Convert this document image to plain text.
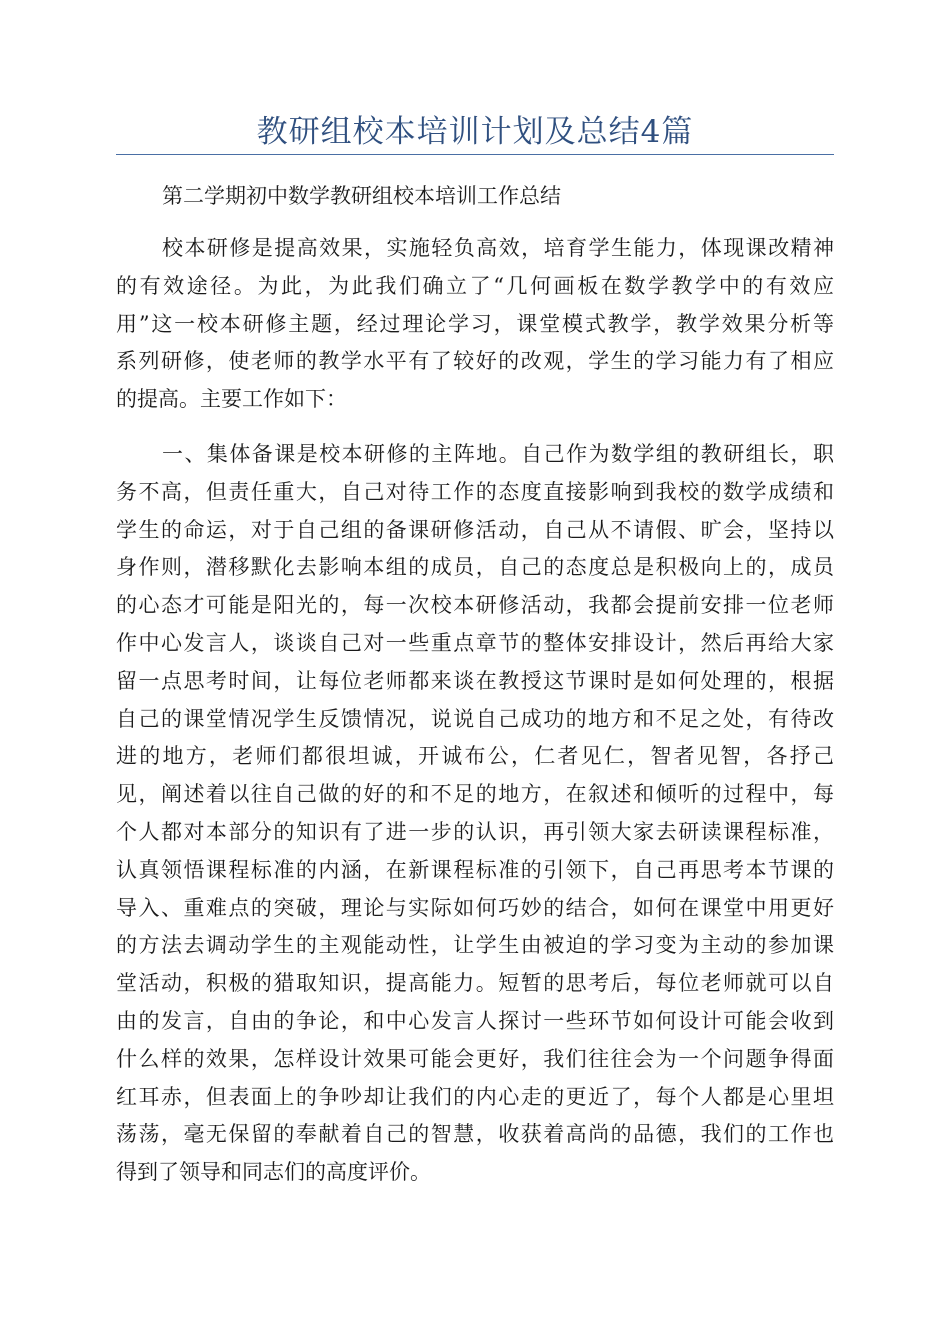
教研组校本培训计划及总结4篇
第二学期初中数学教研组校本培训工作总结
校本研修是提高效果，实施轻负高效，培育学生能力，体现课改精神
的有效途径。为此，为此我们确立了“几何画板在数学教学中的有效应
用”这一校本研修主题，经过理论学习，课堂模式教学，教学效果分析等
系列研修，使老师的教学水平有了较好的改观，学生的学习能力有了相应
的提高。主要工作如下：
一、集体备课是校本研修的主阵地。自己作为数学组的教研组长，职
务不高，但责任重大，自己对待工作的态度直接影响到我校的数学成绩和
学生的命运，对于自己组的备课研修活动，自己从不请假、旷会，坚持以
身作则，潜移默化去影响本组的成员，自己的态度总是积极向上的，成员
的心态才可能是阳光的，每一次校本研修活动，我都会提前安排一位老师
作中心发言人，谈谈自己对一些重点章节的整体安排设计，然后再给大家
留一点思考时间，让每位老师都来谈在教授这节课时是如何处理的，根据
自己的课堂情况学生反馈情况，说说自己成功的地方和不足之处，有待改
进的地方，老师们都很坦诚，开诚布公，仁者见仁，智者见智，各抒己
见，阐述着以往自己做的好的和不足的地方，在叙述和倾听的过程中，每
个人都对本部分的知识有了进一步的认识，再引领大家去研读课程标准，
认真领悟课程标准的内涵，在新课程标准的引领下，自己再思考本节课的
导入、重难点的突破，理论与实际如何巧妙的结合，如何在课堂中用更好
的方法去调动学生的主观能动性，让学生由被迫的学习变为主动的参加课
堂活动，积极的猎取知识，提高能力。短暂的思考后，每位老师就可以自
由的发言，自由的争论，和中心发言人探讨一些环节如何设计可能会收到
什么样的效果，怎样设计效果可能会更好，我们往往会为一个问题争得面
红耳赤，但表面上的争吵却让我们的内心走的更近了，每个人都是心里坦
荡荡，毫无保留的奉献着自己的智慧，收获着高尚的品德，我们的工作也
得到了领导和同志们的高度评价。
